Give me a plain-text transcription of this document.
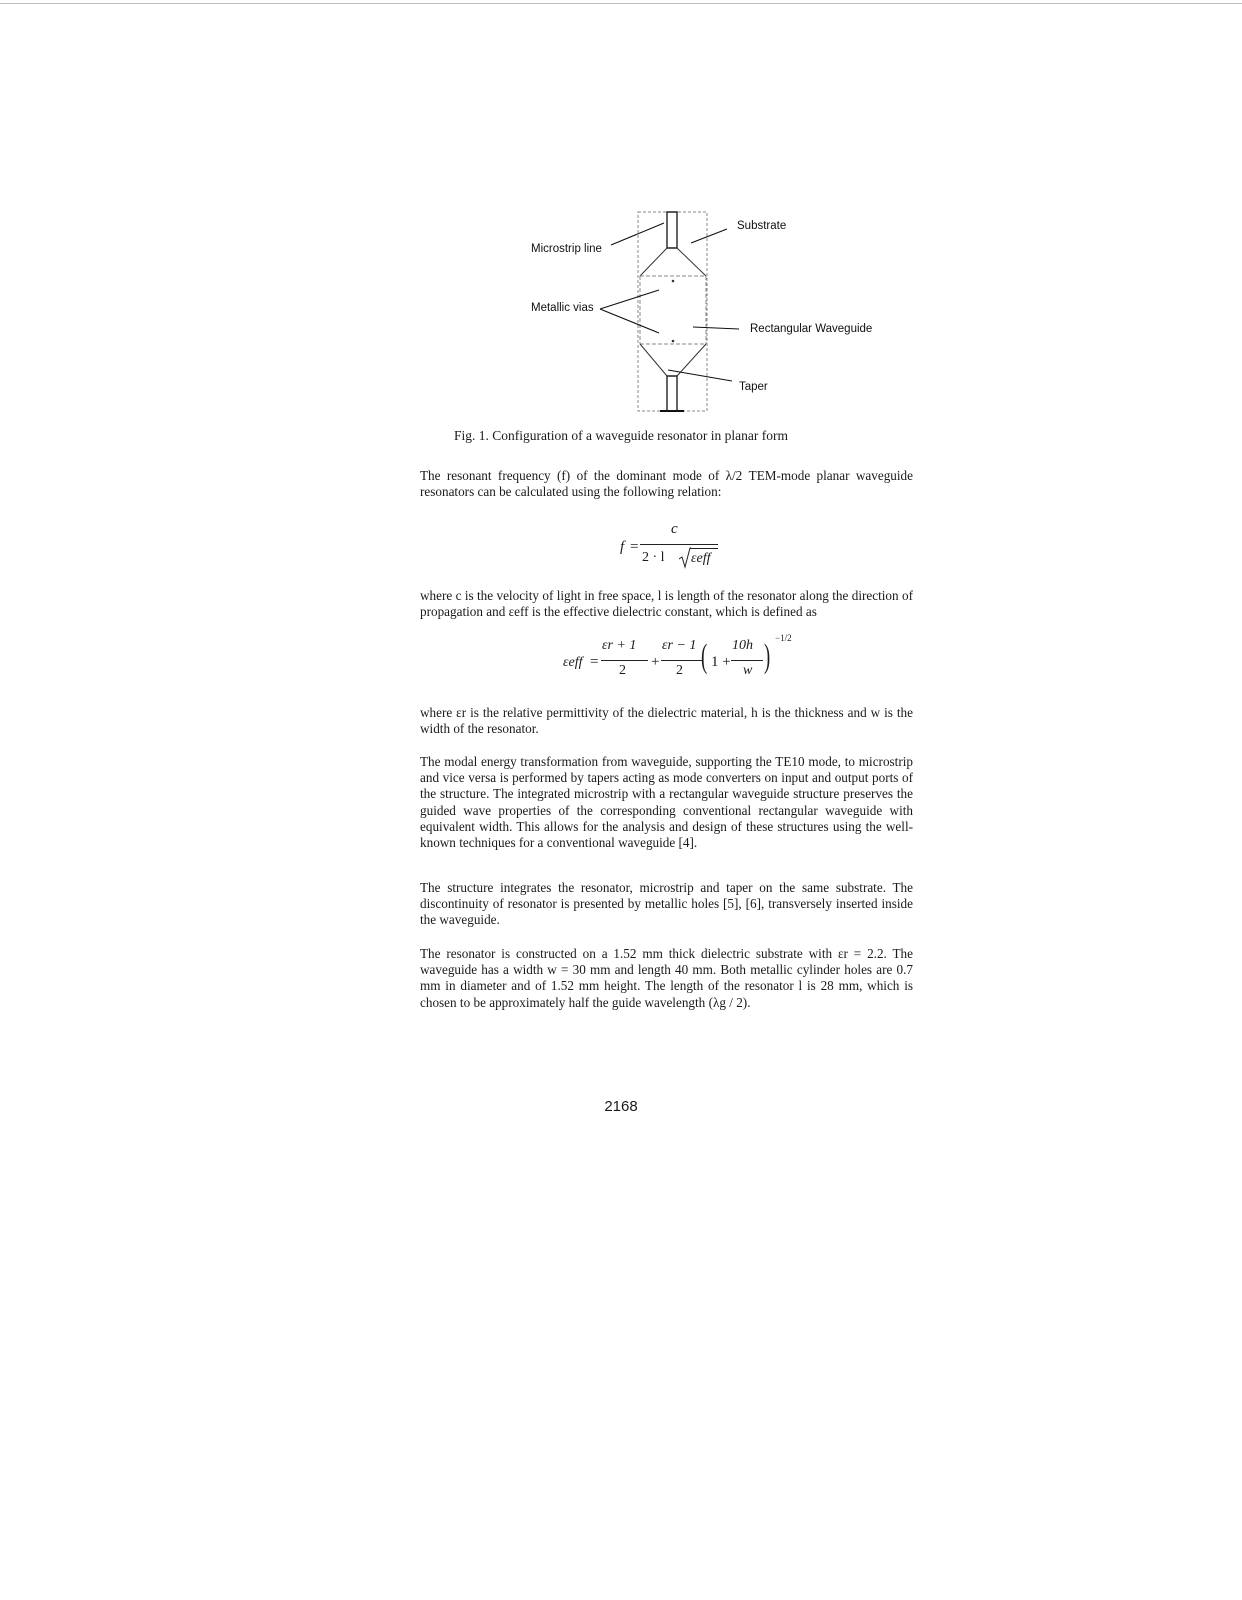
Microstrip line
Metallic vias
Substrate
Rectangular Waveguide
Taper
Fig. 1. Configuration of a waveguide resonator in planar form

The resonant frequency (f) of the dominant mode of λ/2 TEM-mode planar waveguide resonators can be calculated using the following relation:

f =
c
2 · l εeff

where c is the velocity of light in free space, l is length of the resonator along the direction of propagation and εeff is the effective dielectric constant, which is defined as

εeff =
εr + 1
2
+
εr − 1
2 ( 1 +
10h
w ) −1/2

where εr is the relative permittivity of the dielectric material, h is the thickness and w is the width of the resonator.

The modal energy transformation from waveguide, supporting the TE10 mode, to microstrip and vice versa is performed by tapers acting as mode converters on input and output ports of the structure. The integrated microstrip with a rectangular waveguide structure preserves the guided wave properties of the corresponding conventional rectangular waveguide with equivalent width. This allows for the analysis and design of these structures using the well-known techniques for a conventional waveguide [4].

The structure integrates the resonator, microstrip and taper on the same substrate. The discontinuity of resonator is presented by metallic holes [5], [6], transversely inserted inside the waveguide.

The resonator is constructed on a 1.52 mm thick dielectric substrate with εr = 2.2. The waveguide has a width w = 30 mm and length 40 mm. Both metallic cylinder holes are 0.7 mm in diameter and of 1.52 mm height. The length of the resonator l is 28 mm, which is chosen to be approximately half the guide wavelength (λg / 2).

2168
